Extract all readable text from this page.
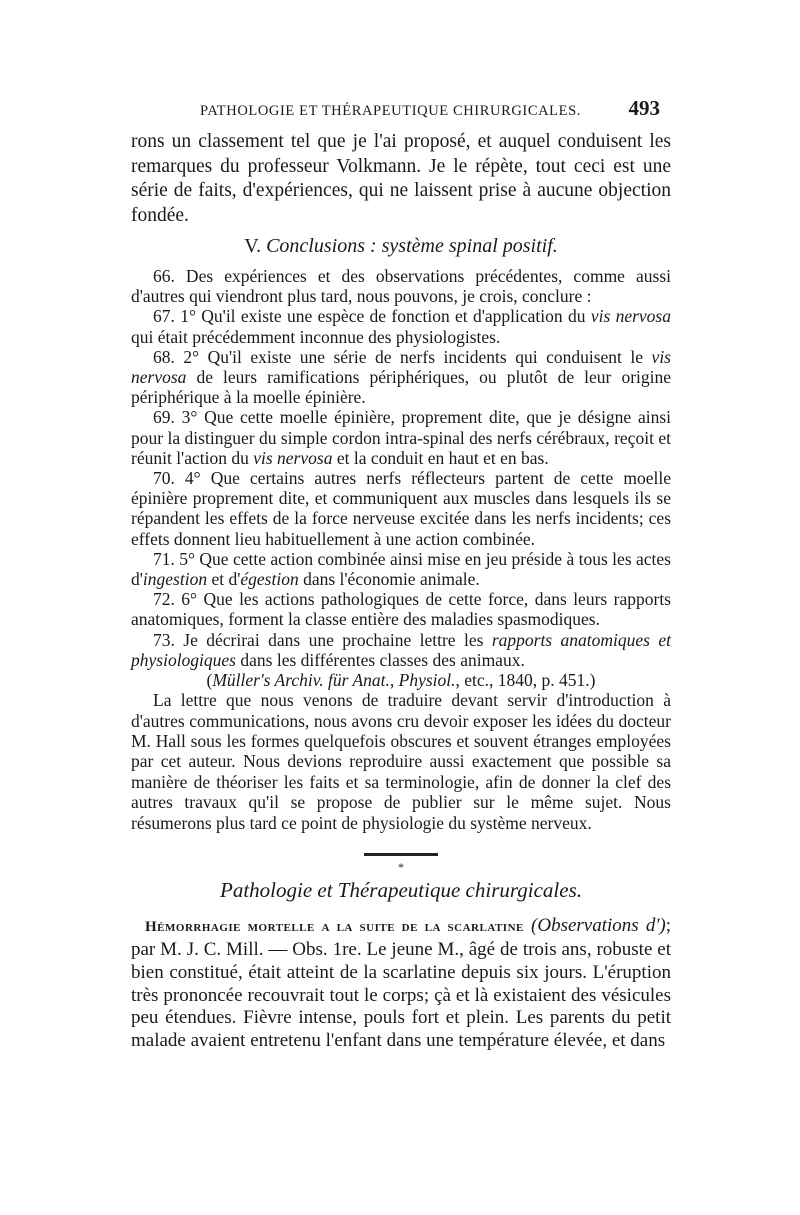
PATHOLOGIE ET THÉRAPEUTIQUE CHIRURGICALES. 493

rons un classement tel que je l'ai proposé, et auquel conduisent les remarques du professeur Volkmann. Je le répète, tout ceci est une série de faits, d'expériences, qui ne laissent prise à aucune objection fondée.

V. Conclusions : système spinal positif.

66. Des expériences et des observations précédentes, comme aussi d'autres qui viendront plus tard, nous pouvons, je crois, conclure :

67. 1° Qu'il existe une espèce de fonction et d'application du vis nervosa qui était précédemment inconnue des physiologistes.

68. 2° Qu'il existe une série de nerfs incidents qui conduisent le vis nervosa de leurs ramifications périphériques, ou plutôt de leur origine périphérique à la moelle épinière.

69. 3° Que cette moelle épinière, proprement dite, que je désigne ainsi pour la distinguer du simple cordon intra-spinal des nerfs cérébraux, reçoit et réunit l'action du vis nervosa et la conduit en haut et en bas.

70. 4° Que certains autres nerfs réflecteurs partent de cette moelle épinière proprement dite, et communiquent aux muscles dans lesquels ils se répandent les effets de la force nerveuse excitée dans les nerfs incidents; ces effets donnent lieu habituellement à une action combinée.

71. 5° Que cette action combinée ainsi mise en jeu préside à tous les actes d'ingestion et d'égestion dans l'économie animale.

72. 6° Que les actions pathologiques de cette force, dans leurs rapports anatomiques, forment la classe entière des maladies spasmodiques.

73. Je décrirai dans une prochaine lettre les rapports anatomiques et physiologiques dans les différentes classes des animaux.

(Müller's Archiv. für Anat., Physiol., etc., 1840, p. 451.)

La lettre que nous venons de traduire devant servir d'introduction à d'autres communications, nous avons cru devoir exposer les idées du docteur M. Hall sous les formes quelquefois obscures et souvent étranges employées par cet auteur. Nous devions reproduire aussi exactement que possible sa manière de théoriser les faits et sa terminologie, afin de donner la clef des autres travaux qu'il se propose de publier sur le même sujet. Nous résumerons plus tard ce point de physiologie du système nerveux.

*

Pathologie et Thérapeutique chirurgicales.

Hémorrhagie mortelle a la suite de la scarlatine (Observations d'); par M. J. C. Mill. — Obs. 1re. Le jeune M., âgé de trois ans, robuste et bien constitué, était atteint de la scarlatine depuis six jours. L'éruption très prononcée recouvrait tout le corps; çà et là existaient des vésicules peu étendues. Fièvre intense, pouls fort et plein. Les parents du petit malade avaient entretenu l'enfant dans une température élevée, et dans
